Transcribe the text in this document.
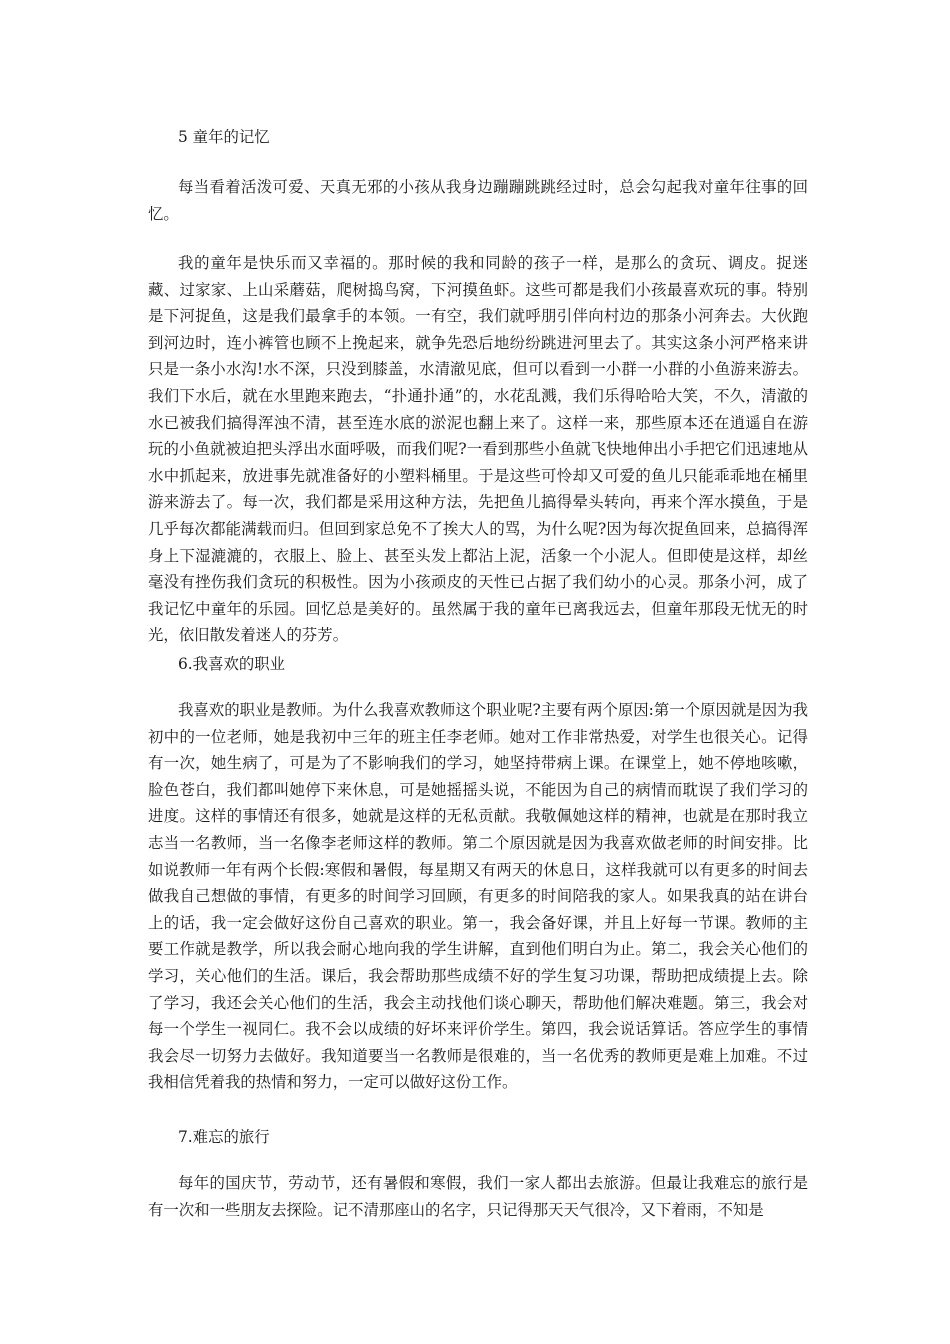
5 童年的记忆

每当看着活泼可爱、天真无邪的小孩从我身边蹦蹦跳跳经过时，总会勾起我对童年往事的回忆。

我的童年是快乐而又幸福的。那时候的我和同龄的孩子一样，是那么的贪玩、调皮。捉迷藏、过家家、上山采蘑菇，爬树捣鸟窝，下河摸鱼虾。这些可都是我们小孩最喜欢玩的事。特别是下河捉鱼，这是我们最拿手的本领。一有空，我们就呼朋引伴向村边的那条小河奔去。大伙跑到河边时，连小裤管也顾不上挽起来，就争先恐后地纷纷跳进河里去了。其实这条小河严格来讲只是一条小水沟!水不深，只没到膝盖，水清澈见底，但可以看到一小群一小群的小鱼游来游去。我们下水后，就在水里跑来跑去，“扑通扑通”的，水花乱溅，我们乐得哈哈大笑，不久，清澈的水已被我们搞得浑浊不清，甚至连水底的淤泥也翻上来了。这样一来，那些原本还在逍遥自在游玩的小鱼就被迫把头浮出水面呼吸，而我们呢?一看到那些小鱼就飞快地伸出小手把它们迅速地从水中抓起来，放进事先就准备好的小塑料桶里。于是这些可怜却又可爱的鱼儿只能乖乖地在桶里游来游去了。每一次，我们都是采用这种方法，先把鱼儿搞得晕头转向，再来个浑水摸鱼，于是几乎每次都能满载而归。但回到家总免不了挨大人的骂，为什么呢?因为每次捉鱼回来，总搞得浑身上下湿漉漉的，衣服上、脸上、甚至头发上都沾上泥，活象一个小泥人。但即使是这样，却丝毫没有挫伤我们贪玩的积极性。因为小孩顽皮的天性已占据了我们幼小的心灵。那条小河，成了我记忆中童年的乐园。回忆总是美好的。虽然属于我的童年已离我远去，但童年那段无忧无的时光，依旧散发着迷人的芬芳。

6.我喜欢的职业

我喜欢的职业是教师。为什么我喜欢教师这个职业呢?主要有两个原因:第一个原因就是因为我初中的一位老师，她是我初中三年的班主任李老师。她对工作非常热爱，对学生也很关心。记得有一次，她生病了，可是为了不影响我们的学习，她坚持带病上课。在课堂上，她不停地咳嗽，脸色苍白，我们都叫她停下来休息，可是她摇摇头说，不能因为自己的病情而耽误了我们学习的进度。这样的事情还有很多，她就是这样的无私贡献。我敬佩她这样的精神，也就是在那时我立志当一名教师，当一名像李老师这样的教师。第二个原因就是因为我喜欢做老师的时间安排。比如说教师一年有两个长假:寒假和暑假，每星期又有两天的休息日，这样我就可以有更多的时间去做我自己想做的事情，有更多的时间学习回顾，有更多的时间陪我的家人。如果我真的站在讲台上的话，我一定会做好这份自己喜欢的职业。第一，我会备好课，并且上好每一节课。教师的主要工作就是教学，所以我会耐心地向我的学生讲解，直到他们明白为止。第二，我会关心他们的学习，关心他们的生活。课后，我会帮助那些成绩不好的学生复习功课，帮助把成绩提上去。除了学习，我还会关心他们的生活，我会主动找他们谈心聊天，帮助他们解决难题。第三，我会对每一个学生一视同仁。我不会以成绩的好坏来评价学生。第四，我会说话算话。答应学生的事情我会尽一切努力去做好。我知道要当一名教师是很难的，当一名优秀的教师更是难上加难。不过我相信凭着我的热情和努力，一定可以做好这份工作。

7.难忘的旅行

每年的国庆节，劳动节，还有暑假和寒假，我们一家人都出去旅游。但最让我难忘的旅行是有一次和一些朋友去探险。记不清那座山的名字，只记得那天天气很冷，又下着雨，不知是
